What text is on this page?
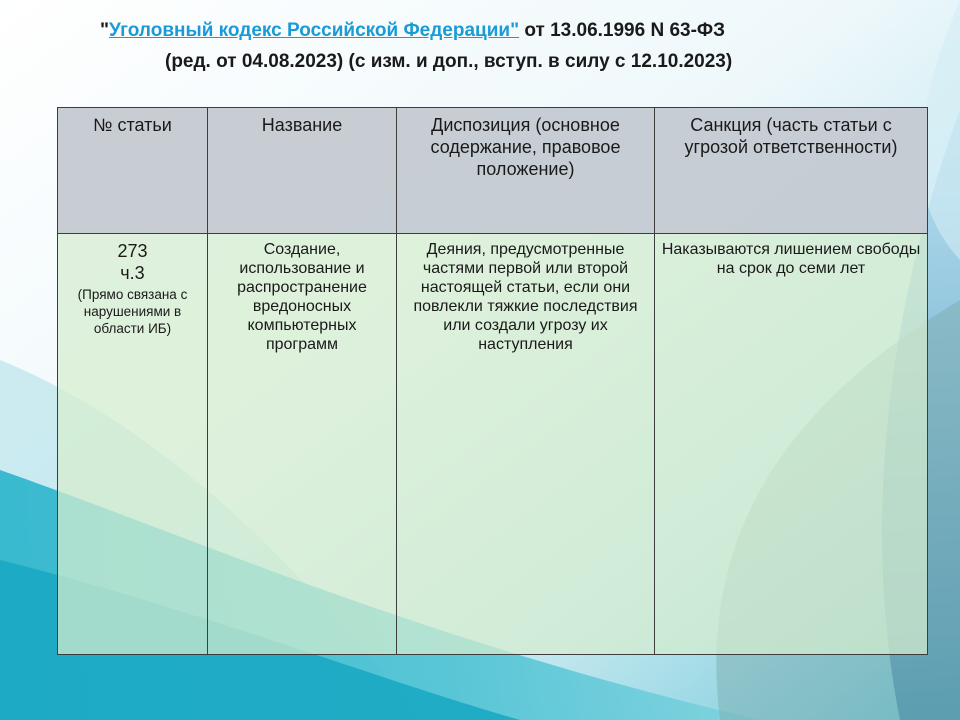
"Уголовный кодекс Российской Федерации" от 13.06.1996 N 63-ФЗ
(ред. от 04.08.2023) (с изм. и доп., вступ. в силу с 12.10.2023)
№ статьи	Название	Диспозиция (основное содержание, правовое положение)	Санкция (часть статьи с угрозой ответственности)

273
ч.3
(Прямо связана с нарушениями в области ИБ)	Создание, использование и распространение вредоносных компьютерных программ	Деяния, предусмотренные частями первой или второй настоящей статьи, если они повлекли тяжкие последствия или создали угрозу их наступления	Наказываются лишением свободы на срок до семи лет
